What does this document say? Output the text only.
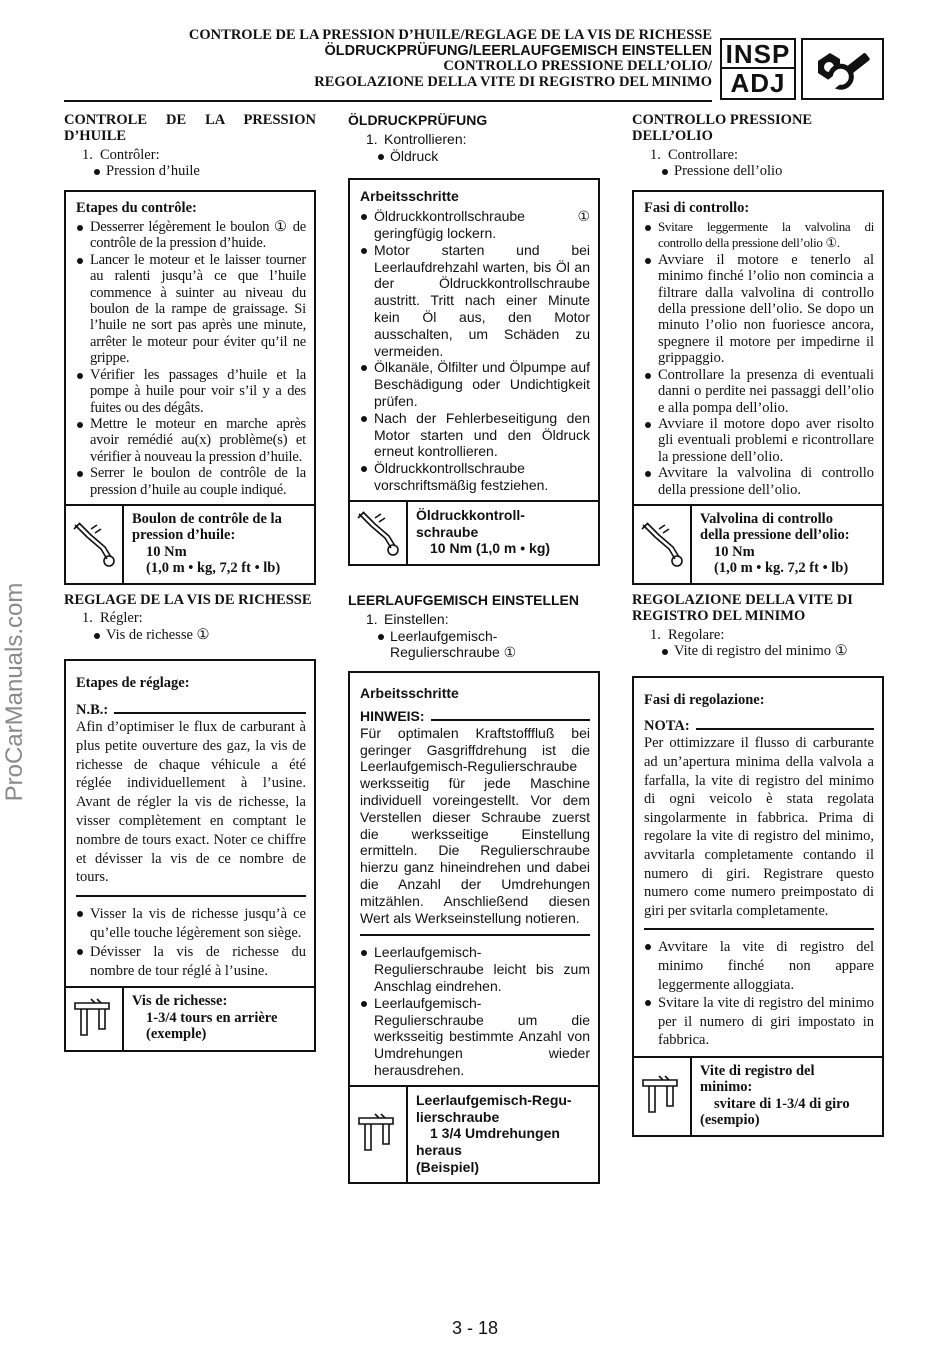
ProCarManuals.com
CONTROLE DE LA PRESSION D’HUILE/REGLAGE DE LA VIS DE RICHESSE
ÖLDRUCKPRÜFUNG/LEERLAUFGEMISCH EINSTELLEN
CONTROLLO PRESSIONE DELL’OLIO/
REGOLAZIONE DELLA VITE DI REGISTRO DEL MINIMO
INSP
ADJ
CONTROLE DE LA PRESSION D’HUILE
1. Contrôler:
Pression d’huile
Etapes du contrôle:
Desserrer légèrement le boulon ① de contrôle de la pression d’huide.
Lancer le moteur et le laisser tourner au ralenti jusqu’à ce que l’huile commence à suinter au niveau du boulon de la rampe de graissage. Si l’huile ne sort pas après une minute, arrêter le moteur pour éviter qu’il ne grippe.
Vérifier les passages d’huile et la pompe à huile pour voir s’il y a des fuites ou des dégâts.
Mettre le moteur en marche après avoir remédié au(x) problème(s) et vérifier à nouveau la pression d’huile.
Serrer le boulon de contrôle de la pression d’huile au couple indiqué.
Boulon de contrôle de la
pression d’huile:
10 Nm
(1,0 m • kg, 7,2 ft • lb)
REGLAGE DE LA VIS DE RICHESSE
1. Régler:
Vis de richesse ①
Etapes de réglage:
N.B.:
Afin d’optimiser le flux de carburant à plus petite ouverture des gaz, la vis de richesse de chaque véhicule a été réglée individuellement à l’usine. Avant de régler la vis de richesse, la visser complètement en comptant le nombre de tours exact. Noter ce chiffre et dévisser la vis de ce nombre de tours.
Visser la vis de richesse jusqu’à ce qu’elle touche légèrement son siège.
Dévisser la vis de richesse du nombre de tour réglé à l’usine.
Vis de richesse:
1-3/4 tours en arrière
(exemple)
ÖLDRUCKPRÜFUNG
1. Kontrollieren:
Öldruck
Arbeitsschritte
Öldruckkontrollschraube ① geringfügig lockern.
Motor starten und bei Leerlaufdrehzahl warten, bis Öl an der Öldruckkontrollschraube austritt. Tritt nach einer Minute kein Öl aus, den Motor ausschalten, um Schäden zu vermeiden.
Ölkanäle, Ölfilter und Ölpumpe auf Beschädigung oder Undichtigkeit prüfen.
Nach der Fehlerbeseitigung den Motor starten und den Öldruck erneut kontrollieren.
Öldruckkontrollschraube vorschriftsmäßig festziehen.
Öldruckkontroll-
schraube
10 Nm (1,0 m • kg)
LEERLAUFGEMISCH EINSTELLEN
1. Einstellen:
Leerlaufgemisch-Regulierschraube ①
Arbeitsschritte
HINWEIS:
Für optimalen Kraftstofffluß bei geringer Gasgriffdrehung ist die Leerlaufgemisch-Regulierschraube werksseitig für jede Maschine individuell voreingestellt. Vor dem Verstellen dieser Schraube zuerst die werksseitige Einstellung ermitteln. Die Regulierschraube hierzu ganz hineindrehen und dabei die Anzahl der Umdrehungen mitzählen. Anschließend diesen Wert als Werkseinstellung notieren.
Leerlaufgemisch-Regulierschraube leicht bis zum Anschlag eindrehen.
Leerlaufgemisch-Regulierschraube um die werksseitig bestimmte Anzahl von Umdrehungen wieder herausdrehen.
Leerlaufgemisch-Regu-
lierschraube
1 3/4 Umdrehungen
heraus
(Beispiel)
CONTROLLO PRESSIONE DELL’OLIO
1. Controllare:
Pressione dell’olio
Fasi di controllo:
Svitare leggermente la valvolina di controllo della pressione dell’olio ①.
Avviare il motore e tenerlo al minimo finché l’olio non comincia a filtrare dalla valvolina di controllo della pressione dell’olio. Se dopo un minuto l’olio non fuoriesce ancora, spegnere il motore per impedirne il grippaggio.
Controllare la presenza di eventuali danni o perdite nei passaggi dell’olio e alla pompa dell’olio.
Avviare il motore dopo aver risolto gli eventuali problemi e ricontrollare la pressione dell’olio.
Avvitare la valvolina di controllo della pressione dell’olio.
Valvolina di controllo
della pressione dell’olio:
10 Nm
(1,0 m • kg. 7,2 ft • lb)
REGOLAZIONE DELLA VITE DI REGISTRO DEL MINIMO
1. Regolare:
Vite di registro del minimo ①
Fasi di regolazione:
NOTA:
Per ottimizzare il flusso di carburante ad un’apertura minima della valvola a farfalla, la vite di registro del minimo di ogni veicolo è stata regolata singolarmente in fabbrica. Prima di regolare la vite di registro del minimo, avvitarla completamente contando il numero di giri. Registrare questo numero come numero preimpostato di giri per svitarla completamente.
Avvitare la vite di registro del minimo finché non appare leggermente alloggiata.
Svitare la vite di registro del minimo per il numero di giri impostato in fabbrica.
Vite di registro del
minimo:
svitare di 1-3/4 di giro
(esempio)
3 - 18
